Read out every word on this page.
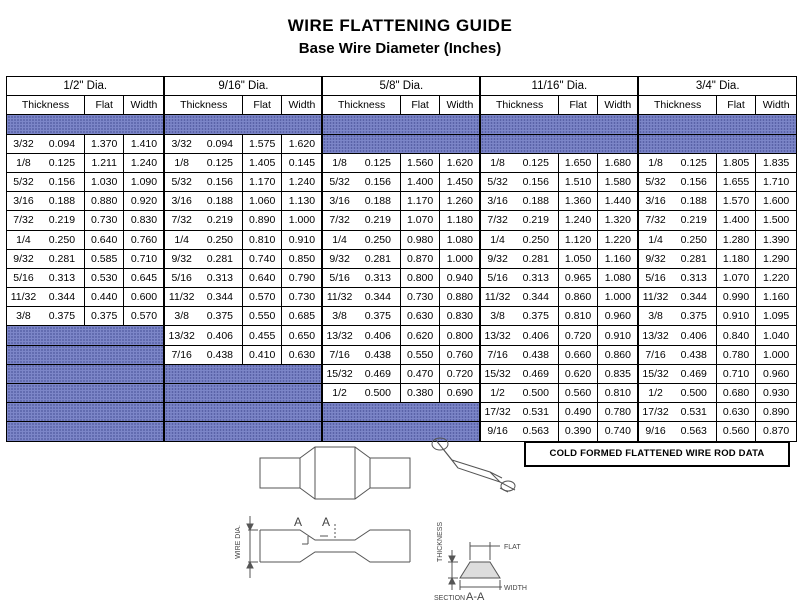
WIRE FLATTENING GUIDE
Base Wire Diameter (Inches)
1/2" Dia.				9/16" Dia.				5/8" Dia.				11/16" Dia.				3/4" Dia.			
Thickness		Flat	Width	Thickness		Flat	Width	Thickness		Flat	Width	Thickness		Flat	Width	Thickness		Flat	Width

3/32	0.094	1.370	1.410	3/32	0.094	1.575	1.620												
1/8	0.125	1.211	1.240	1/8	0.125	1.405	0.145	1/8	0.125	1.560	1.620	1/8	0.125	1.650	1.680	1/8	0.125	1.805	1.835
5/32	0.156	1.030	1.090	5/32	0.156	1.170	1.240	5/32	0.156	1.400	1.450	5/32	0.156	1.510	1.580	5/32	0.156	1.655	1.710
3/16	0.188	0.880	0.920	3/16	0.188	1.060	1.130	3/16	0.188	1.170	1.260	3/16	0.188	1.360	1.440	3/16	0.188	1.570	1.600
7/32	0.219	0.730	0.830	7/32	0.219	0.890	1.000	7/32	0.219	1.070	1.180	7/32	0.219	1.240	1.320	7/32	0.219	1.400	1.500
1/4	0.250	0.640	0.760	1/4	0.250	0.810	0.910	1/4	0.250	0.980	1.080	1/4	0.250	1.120	1.220	1/4	0.250	1.280	1.390
9/32	0.281	0.585	0.710	9/32	0.281	0.740	0.850	9/32	0.281	0.870	1.000	9/32	0.281	1.050	1.160	9/32	0.281	1.180	1.290
5/16	0.313	0.530	0.645	5/16	0.313	0.640	0.790	5/16	0.313	0.800	0.940	5/16	0.313	0.965	1.080	5/16	0.313	1.070	1.220
11/32	0.344	0.440	0.600	11/32	0.344	0.570	0.730	11/32	0.344	0.730	0.880	11/32	0.344	0.860	1.000	11/32	0.344	0.990	1.160
3/8	0.375	0.375	0.570	3/8	0.375	0.550	0.685	3/8	0.375	0.630	0.830	3/8	0.375	0.810	0.960	3/8	0.375	0.910	1.095
				13/32	0.406	0.455	0.650	13/32	0.406	0.620	0.800	13/32	0.406	0.720	0.910	13/32	0.406	0.840	1.040
				7/16	0.438	0.410	0.630	7/16	0.438	0.550	0.760	7/16	0.438	0.660	0.860	7/16	0.438	0.780	1.000
								15/32	0.469	0.470	0.720	15/32	0.469	0.620	0.835	15/32	0.469	0.710	0.960
								1/2	0.500	0.380	0.690	1/2	0.500	0.560	0.810	1/2	0.500	0.680	0.930
												17/32	0.531	0.490	0.780	17/32	0.531	0.630	0.890
												9/16	0.563	0.390	0.740	9/16	0.563	0.560	0.870
COLD FORMED FLATTENED WIRE ROD DATA
WIRE DIA.
A A	THICKNESS	FLAT
WIDTH
SECTION A-A
